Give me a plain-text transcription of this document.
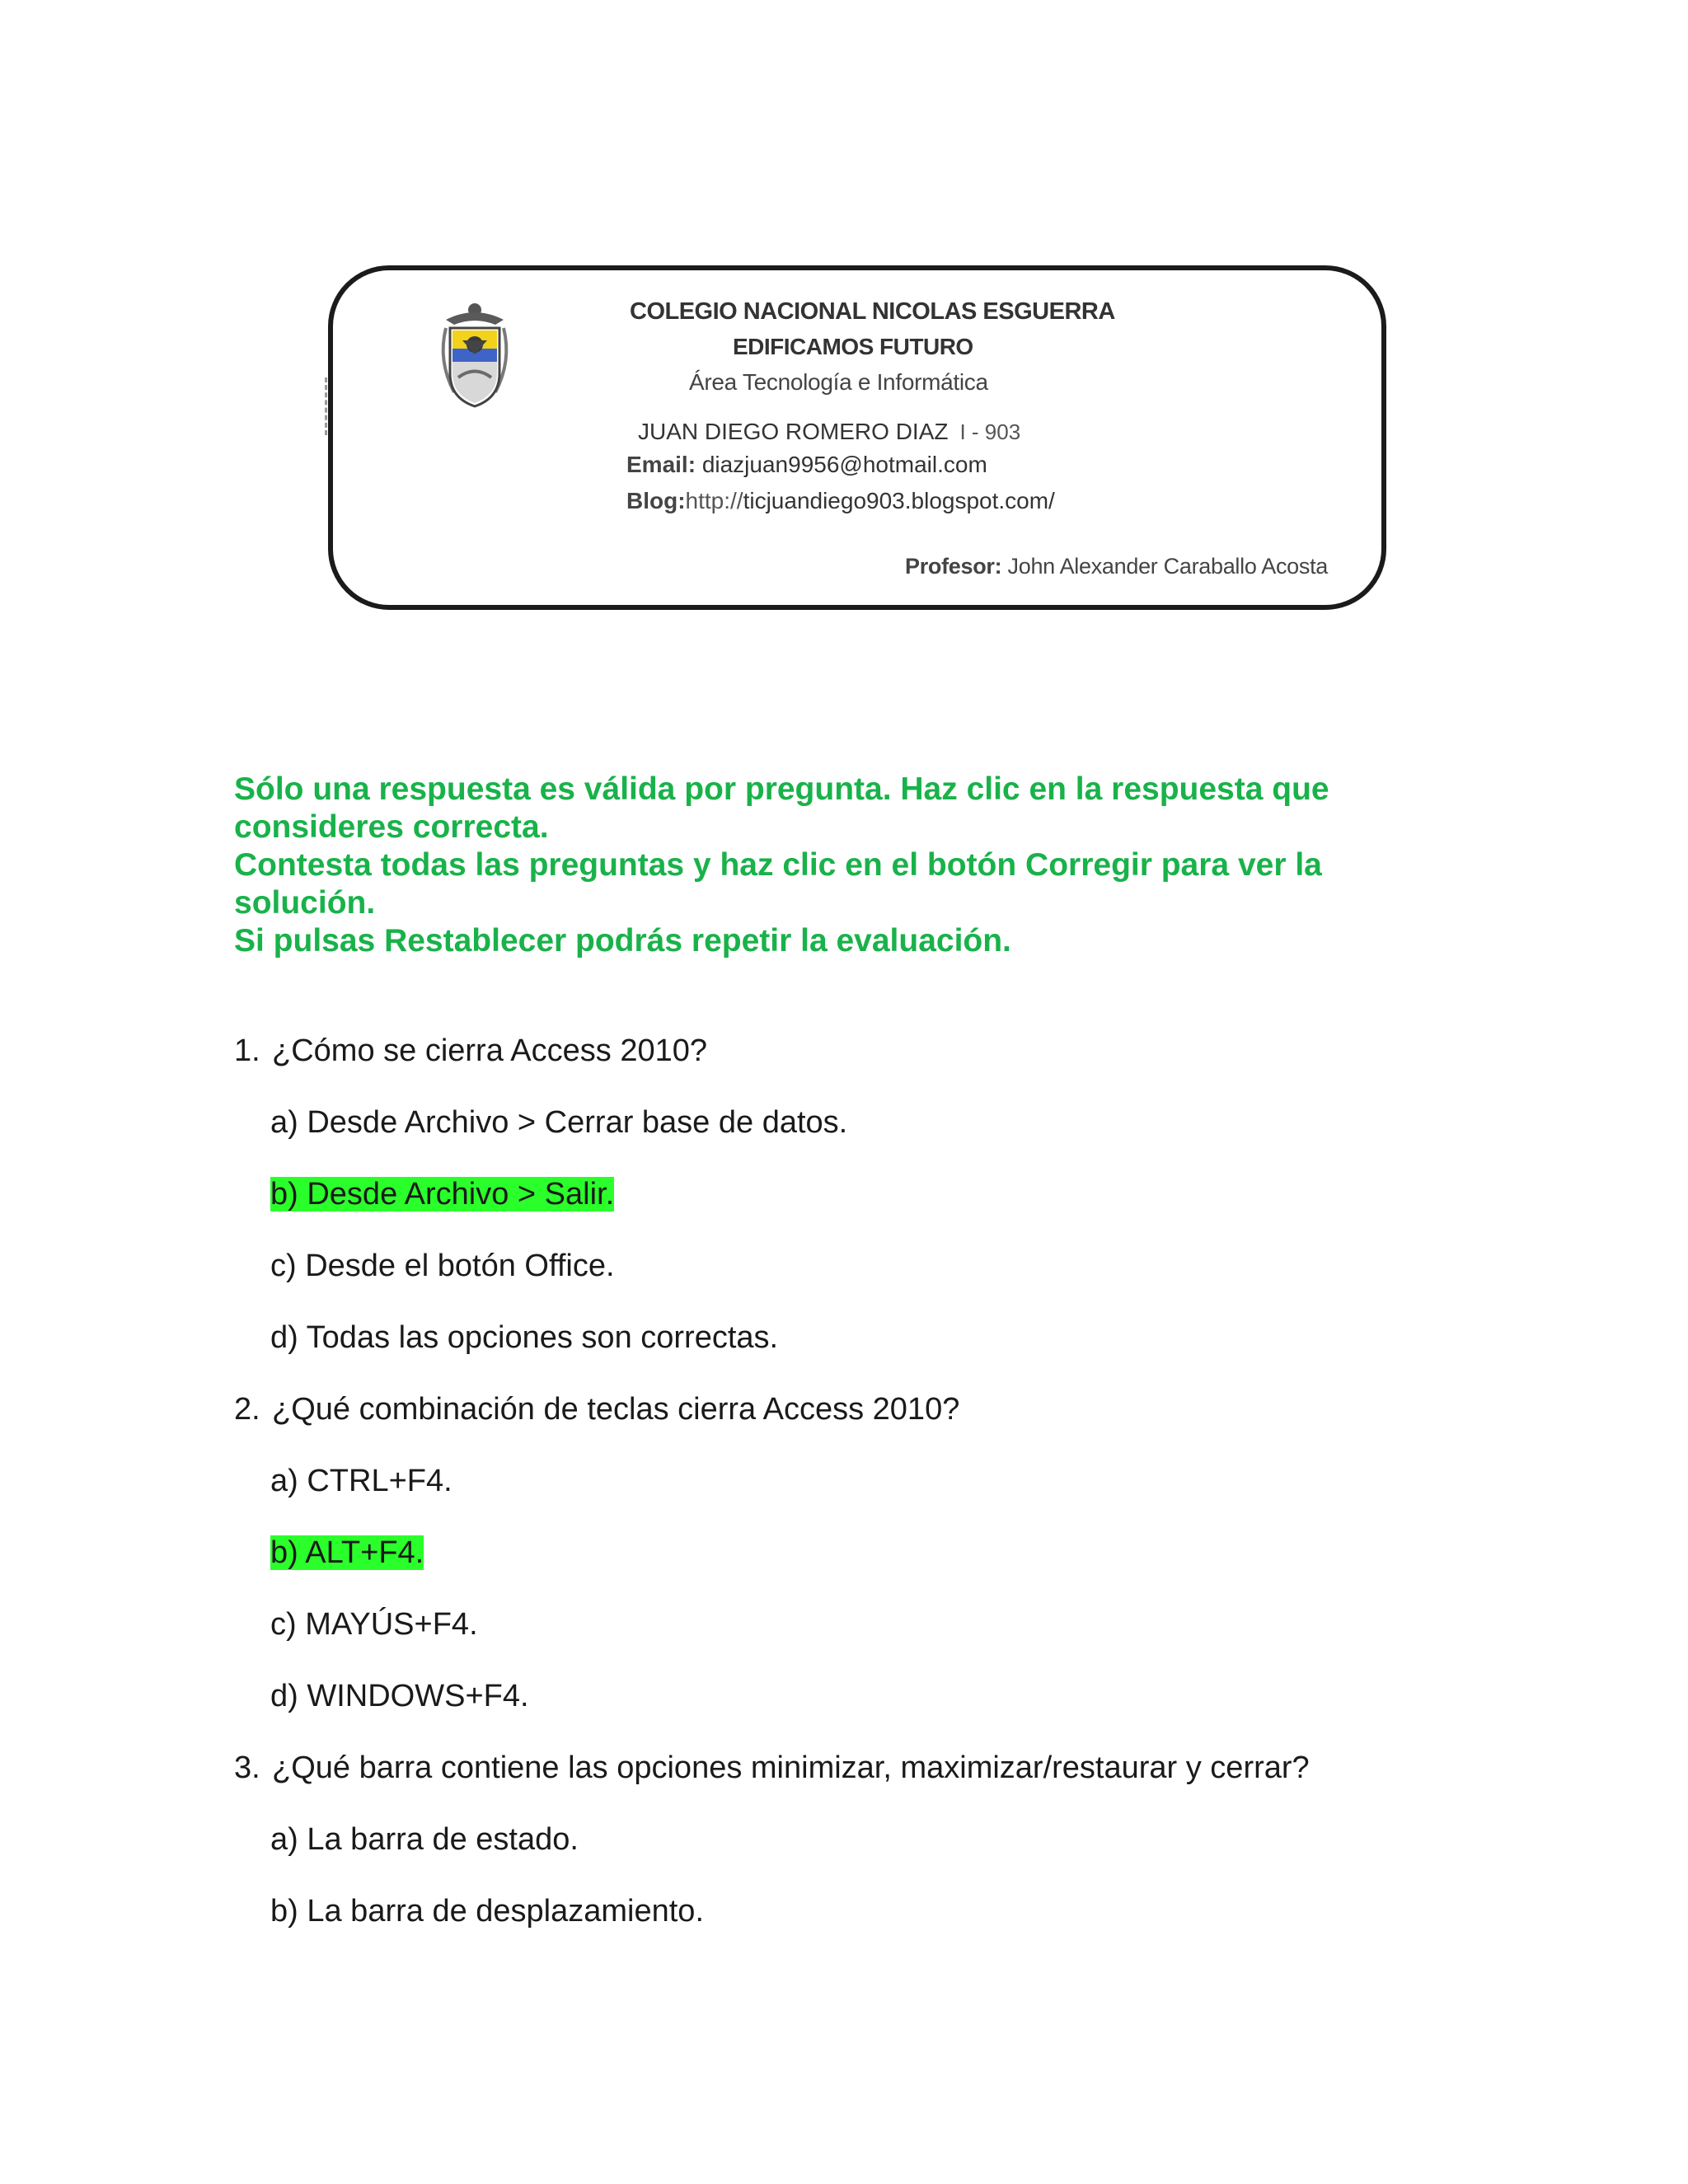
COLEGIO NACIONAL NICOLAS ESGUERRA
EDIFICAMOS FUTURO
Área Tecnología e Informática
JUAN DIEGO ROMERO DIAZ I - 903
Email: diazjuan9956@hotmail.com
Blog:http://ticjuandiego903.blogspot.com/
Profesor: John Alexander Caraballo Acosta

Sólo una respuesta es válida por pregunta. Haz clic en la respuesta que consideres correcta.

Contesta todas las preguntas y haz clic en el botón Corregir para ver la solución.

Si pulsas Restablecer podrás repetir la evaluación.

1. ¿Cómo se cierra Access 2010?
a) Desde Archivo > Cerrar base de datos.
b) Desde Archivo > Salir.
c) Desde el botón Office.
d) Todas las opciones son correctas.
2. ¿Qué combinación de teclas cierra Access 2010?
a) CTRL+F4.
b) ALT+F4.
c) MAYÚS+F4.
d) WINDOWS+F4.
3. ¿Qué barra contiene las opciones minimizar, maximizar/restaurar y cerrar?
a) La barra de estado.
b) La barra de desplazamiento.
